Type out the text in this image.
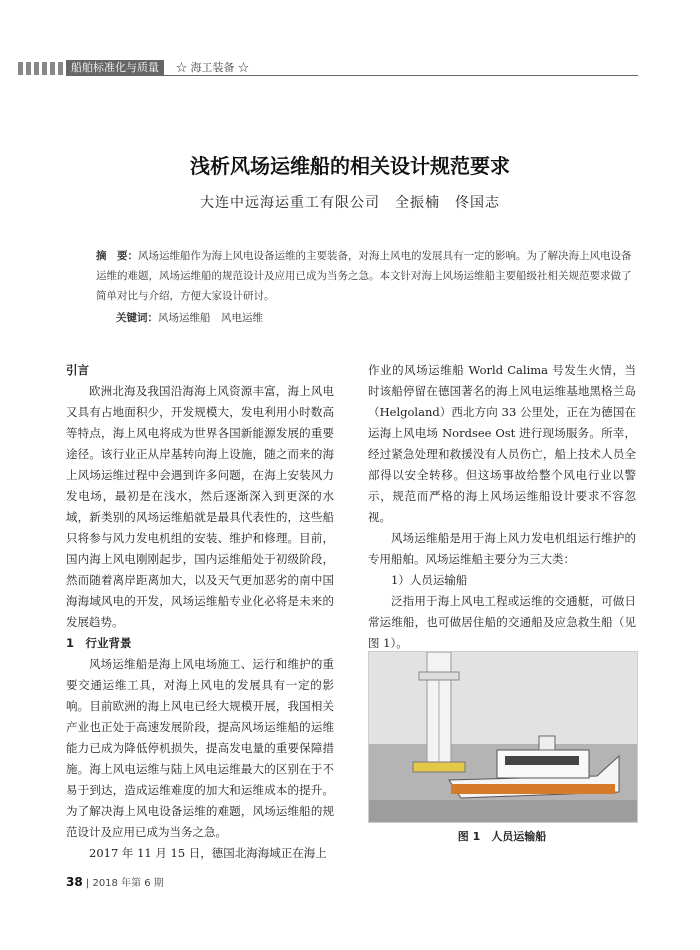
船舶标准化与质量	☆ 海工装备 ☆
浅析风场运维船的相关设计规范要求
大连中远海运重工有限公司　全振楠　佟国志
摘　要：风场运维船作为海上风电设备运维的主要装备，对海上风电的发展具有一定的影响。为了解决海上风电设备运维的难题，风场运维船的规范设计及应用已成为当务之急。本文针对海上风场运维船主要船级社相关规范要求做了简单对比与介绍，方便大家设计研讨。
关键词：风场运维船　风电运维
引言

欧洲北海及我国沿海海上风资源丰富，海上风电又具有占地面积少，开发规模大，发电利用小时数高等特点，海上风电将成为世界各国新能源发展的重要途径。该行业正从岸基转向海上设施，随之而来的海上风场运维过程中会遇到许多问题，在海上安装风力发电场，最初是在浅水，然后逐渐深入到更深的水域，新类别的风场运维船就是最具代表性的，这些船只将参与风力发电机组的安装、维护和修理。目前，国内海上风电刚刚起步，国内运维船处于初级阶段，然而随着离岸距离加大，以及天气更加恶劣的南中国海海域风电的开发，风场运维船专业化必将是未来的发展趋势。

1　行业背景

风场运维船是海上风电场施工、运行和维护的重要交通运维工具，对海上风电的发展具有一定的影响。目前欧洲的海上风电已经大规模开展，我国相关产业也正处于高速发展阶段，提高风场运维船的运维能力已成为降低停机损失，提高发电量的重要保障措施。海上风电运维与陆上风电运维最大的区别在于不易于到达，造成运维难度的加大和运维成本的提升。为了解决海上风电设备运维的难题，风场运维船的规范设计及应用已成为当务之急。

2017 年 11 月 15 日，德国北海海域正在海上

作业的风场运维船 World Calima 号发生火情，当时该船停留在德国著名的海上风电运维基地黑格兰岛（Helgoland）西北方向 33 公里处，正在为德国在运海上风电场 Nordsee Ost 进行现场服务。所幸，经过紧急处理和救援没有人员伤亡，船上技术人员全部得以安全转移。但这场事故给整个风电行业以警示，规范而严格的海上风场运维船设计要求不容忽视。

风场运维船是用于海上风力发电机组运行维护的专用船舶。风场运维船主要分为三大类：

1）人员运输船

泛指用于海上风电工程或运维的交通艇，可做日常运维船，也可做居住船的交通船及应急救生船（见图 1）。

图 1　人员运输船
38 | 2018 年第 6 期
